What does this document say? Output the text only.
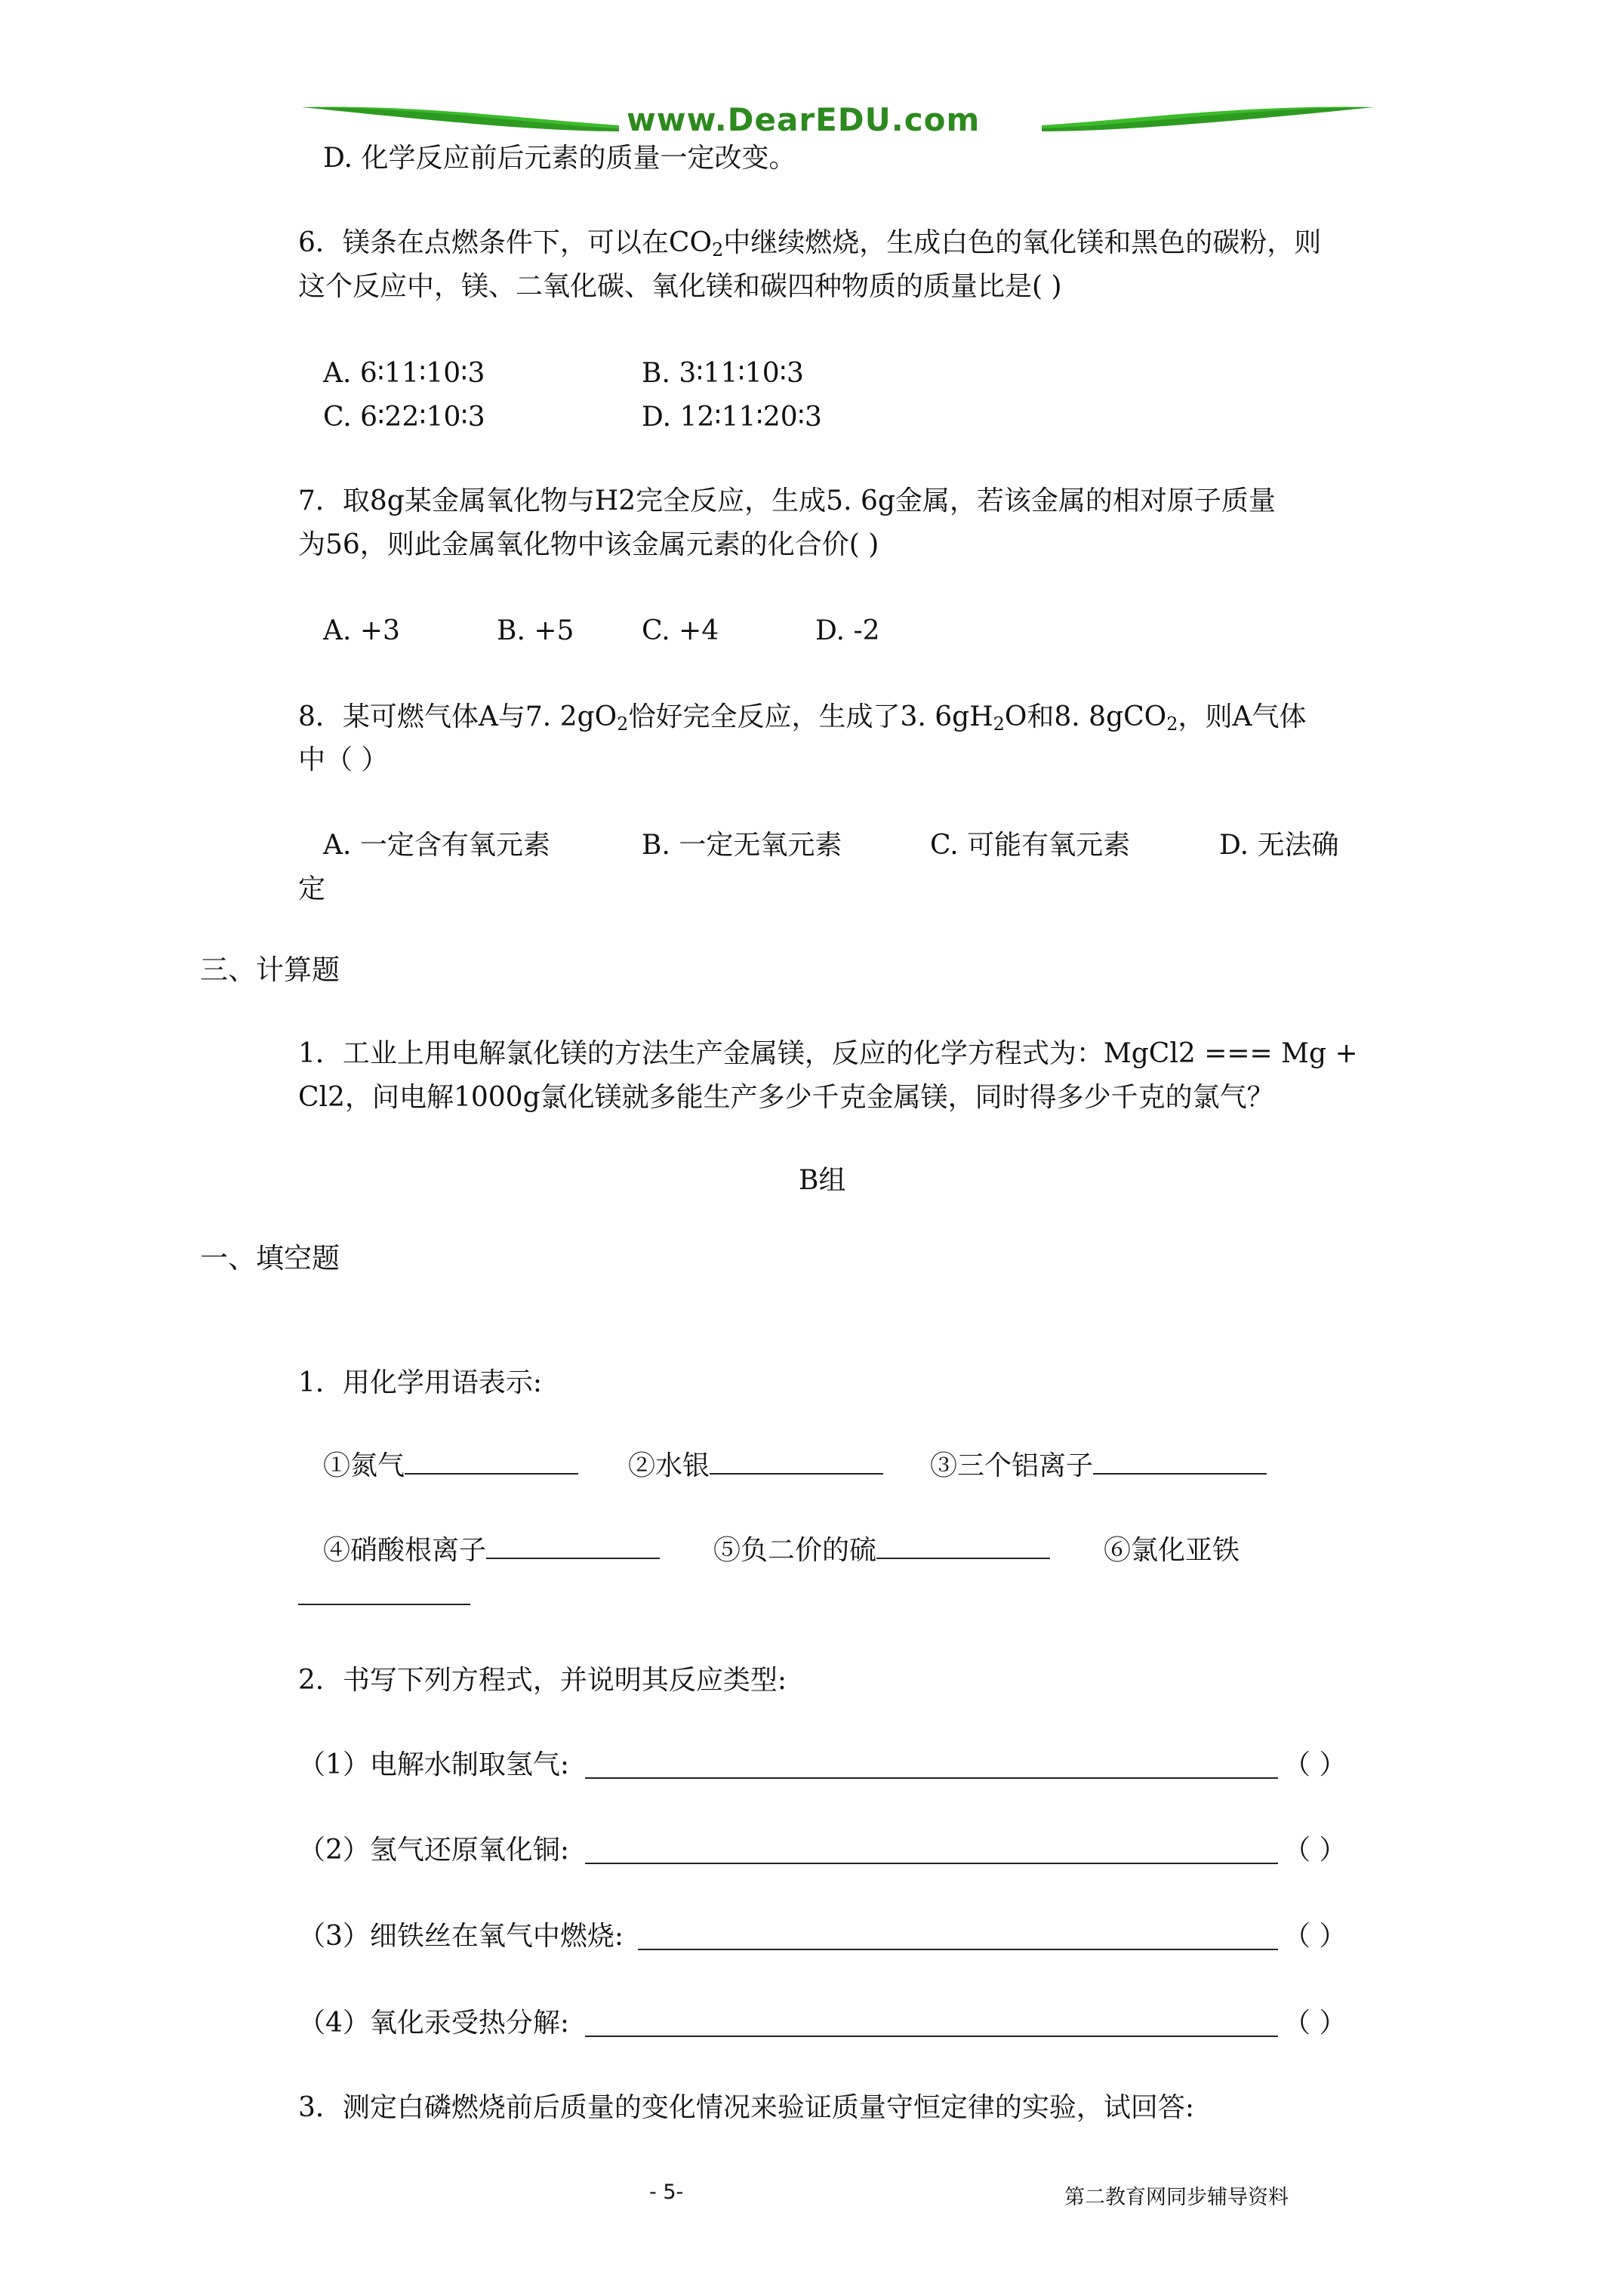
www.DearEDU.com
D. 化学反应前后元素的质量一定改变。
6．镁条在点燃条件下，可以在$CO_2$中继续燃烧，生成白色的氧化镁和黑色的碳粉，则
这个反应中，镁、二氧化碳、氧化镁和碳四种物质的质量比是( )
A. 6∶11∶10∶3	B. 3∶11∶10∶3
C. 6∶22∶10∶3	D. 12∶11∶20∶3
7．取8g某金属氧化物与H2完全反应，生成5. 6g金属，若该金属的相对原子质量
为56，则此金属氧化物中该金属元素的化合价( )
A. +3	B. +5 C. +4	D. -2
8．某可燃气体A与7. $2gO_2$恰好完全反应，生成了3. $6gH_2O$和8. 8gCO$_2$，则A气体
中（ ）
A. 一定含有氧元素	B. 一定无氧元素	C. 可能有氧元素	D. 无法确
定
三、计算题
1．工业上用电解氯化镁的方法生产金属镁，反应的化学方程式为：MgCl2 === Mg +
Cl2，问电解1000g氯化镁就多能生产多少千克金属镁，同时得多少千克的氯气？
B组
一、填空题
1．用化学用语表示:
①氮气	②水银	③三个铝离子
④硝酸根离子	⑤负二价的硫	⑥氯化亚铁
2．书写下列方程式，并说明其反应类型:
（1）电解水制取氢气:	（ ）
（2）氢气还原氧化铜:	（ ）
（3）细铁丝在氧气中燃烧:	（ ）
（4）氧化汞受热分解:	（ ）
3．测定白磷燃烧前后质量的变化情况来验证质量守恒定律的实验，试回答:
- 5-	第二教育网同步辅导资料
